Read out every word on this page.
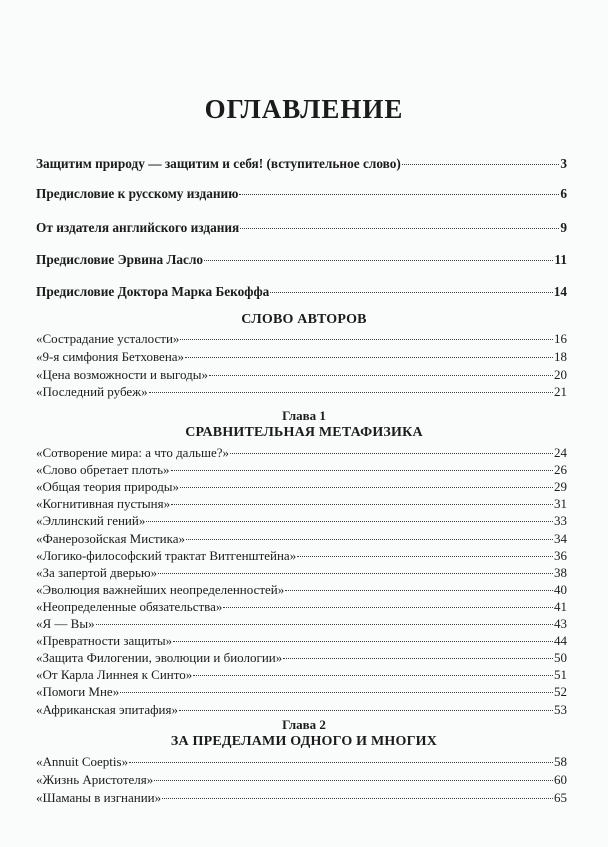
ОГЛАВЛЕНИЕ
Защитим природу — защитим и себя! (вступительное слово)	3
Предисловие к русскому изданию	6
От издателя английского издания	9
Предисловие Эрвина Ласло	11
Предисловие Доктора Марка Бекоффа	14
СЛОВО АВТОРОВ
«Сострадание усталости»	16
«9-я симфония Бетховена»	18
«Цена возможности и выгоды»	20
«Последний рубеж»	21
Глава 1
СРАВНИТЕЛЬНАЯ МЕТАФИЗИКА
«Сотворение мира: а что дальше?»	24
«Слово обретает плоть»	26
«Общая теория природы»	29
«Когнитивная пустыня»	31
«Эллинский гений»	33
«Фанерозойская Мистика»	34
«Логико-философский трактат Витгенштейна»	36
«За запертой дверью»	38
«Эволюция важнейших неопределенностей»	40
«Неопределенные обязательства»	41
«Я — Вы»	43
«Превратности защиты»	44
«Защита Филогении, эволюции и биологии»	50
«От Карла Линнея к Синто»	51
«Помоги Мне»	52
«Африканская эпитафия»	53
Глава 2
ЗА ПРЕДЕЛАМИ ОДНОГО И МНОГИХ
«Annuit Coeptis»	58
«Жизнь Аристотеля»	60
«Шаманы в изгнании»	65
